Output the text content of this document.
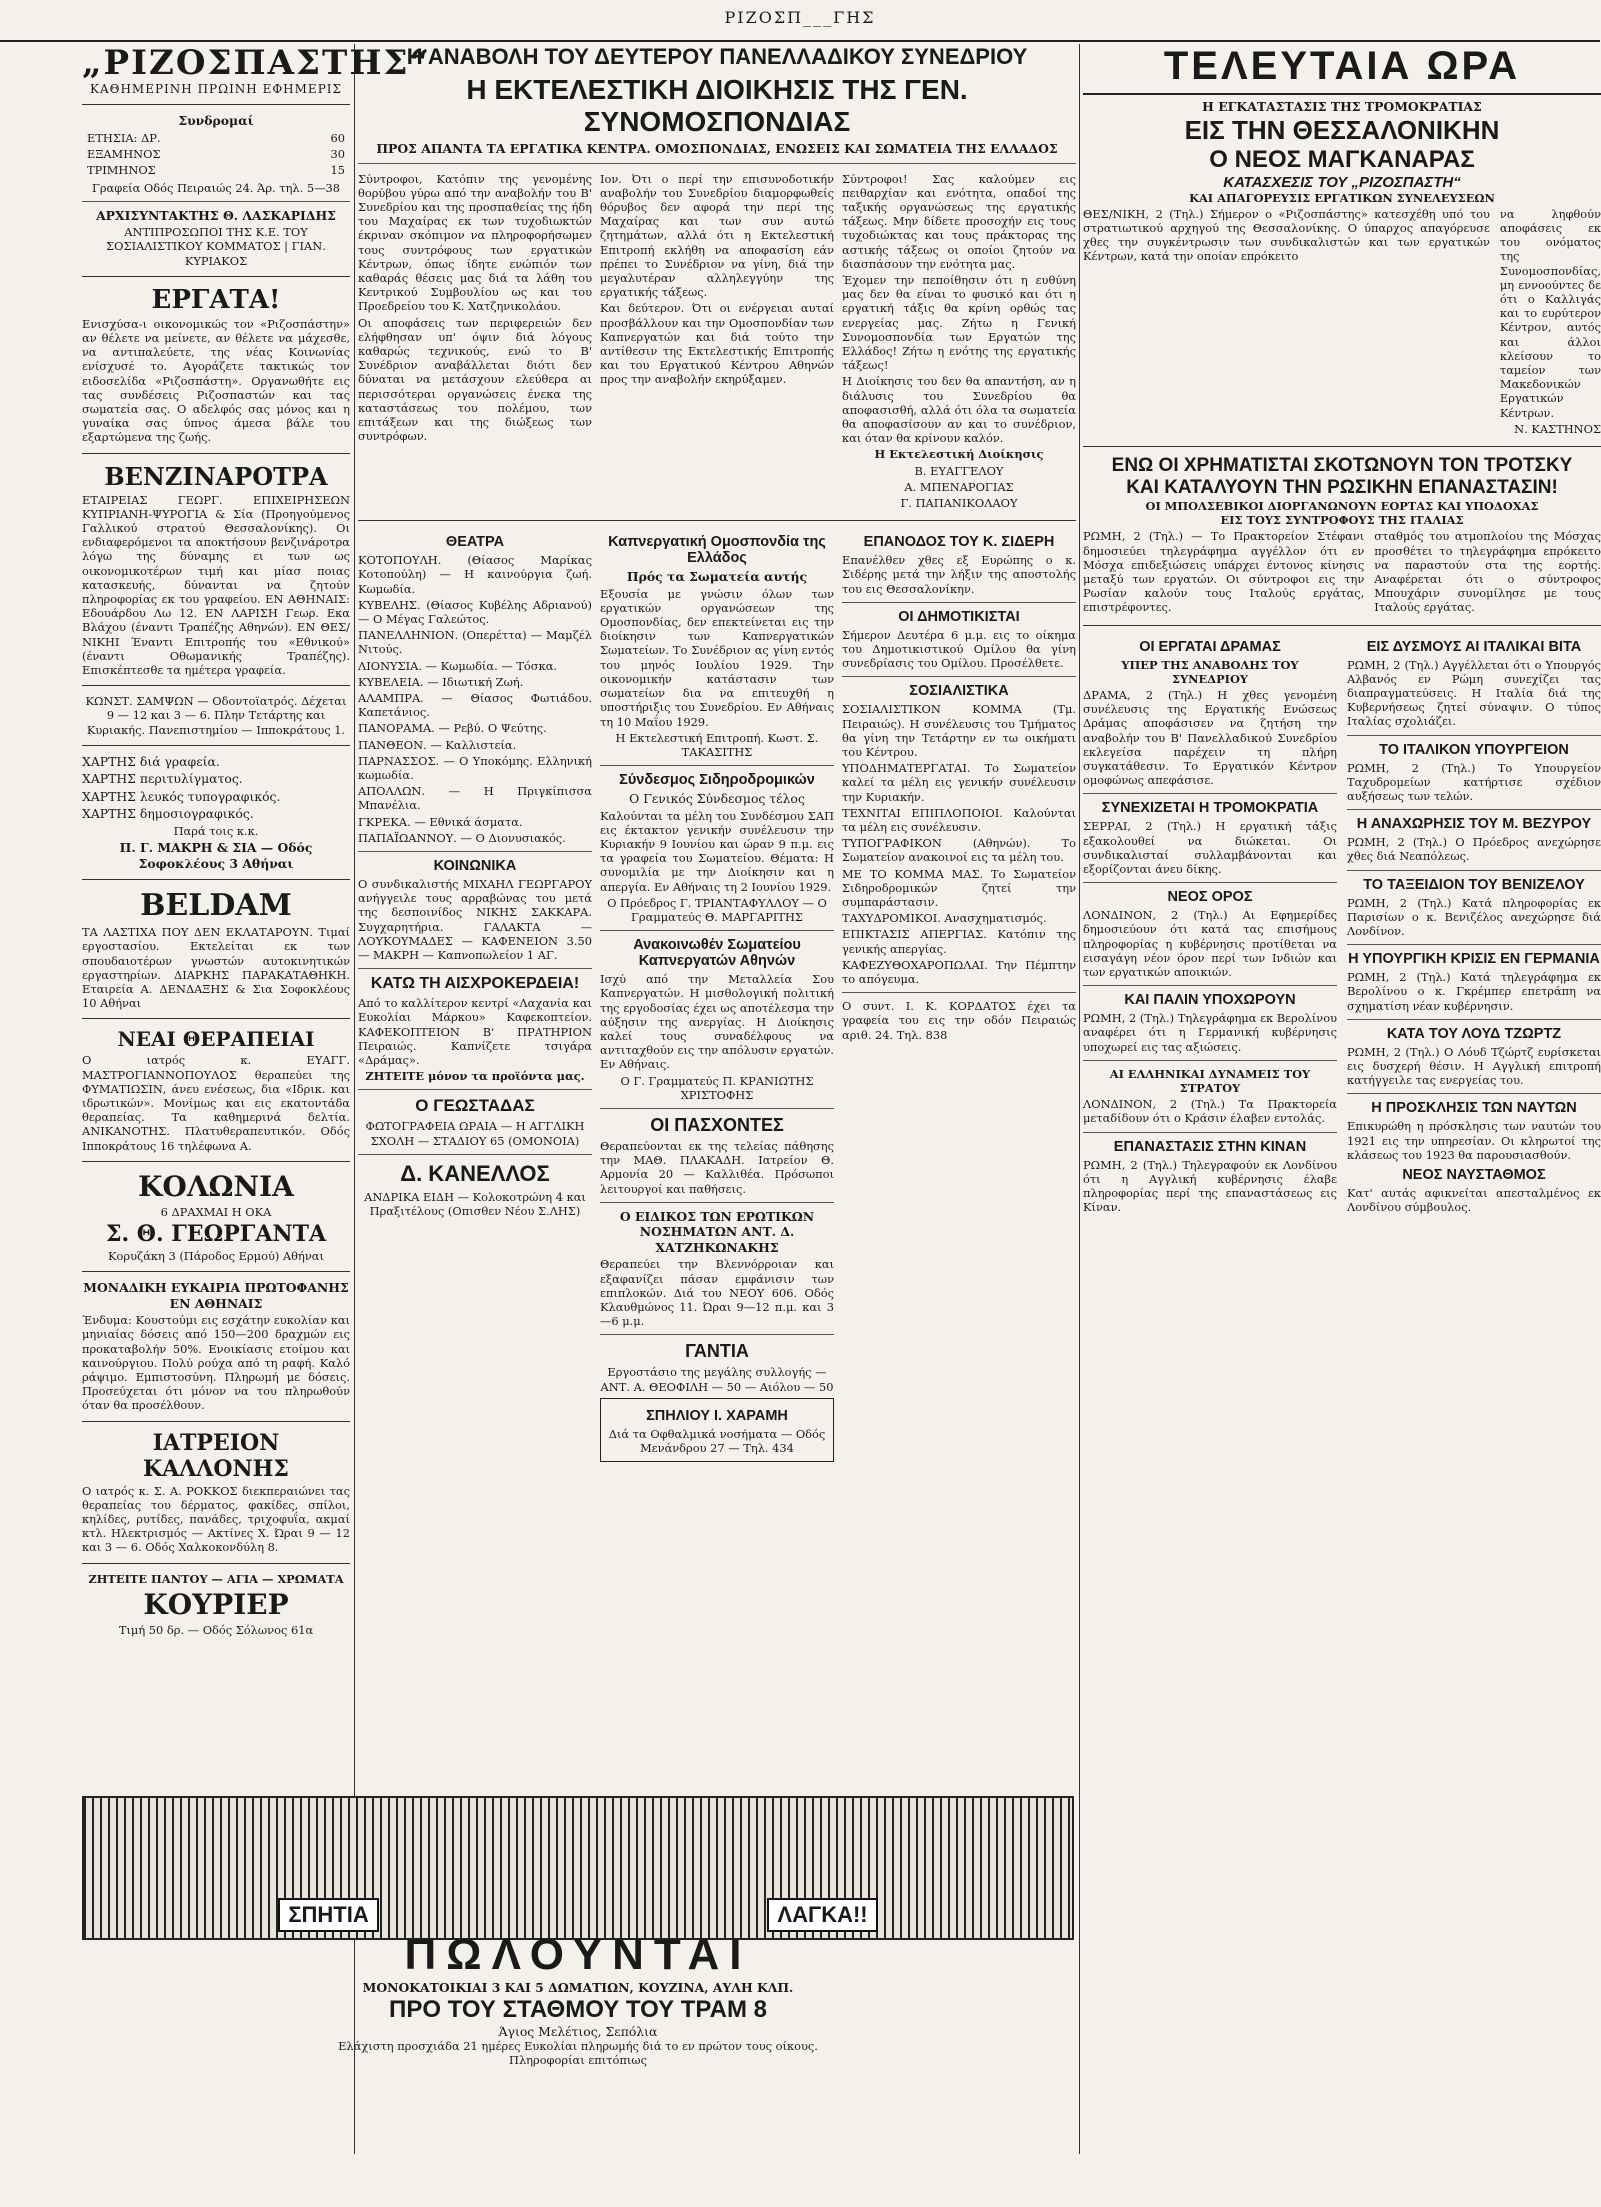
ΡΙΖΟΣΠ___ΓΗΣ
„ΡΙΖΟΣΠΑΣΤΗΣ“
ΚΑΘΗΜΕΡΙΝΗ ΠΡΩΙΝΗ ΕΦΗΜΕΡΙΣ
Συνδρομαί
ΕΤΗΣΙΑ: ΔΡ.	60
ΕΞΑΜΗΝΟΣ	30
ΤΡΙΜΗΝΟΣ	15

Γραφεία Οδός Πειραιώς 24. Άρ. τηλ. 5—38

ΑΡΧΙΣΥΝΤΑΚΤΗΣ Θ. ΛΑΣΚΑΡΙΔΗΣ

ΑΝΤΙΠΡΟΣΩΠΟΙ ΤΗΣ Κ.Ε. ΤΟΥ ΣΟΣΙΑΛΙΣΤΙΚΟΥ ΚΟΜΜΑΤΟΣ | ΓΙΑΝ. ΚΥΡΙΑΚΟΣ

ΕΡΓΑΤΑ!

Ενισχύσα-ι οικονομικώς τον «Ριζοσπάστην» αν θέλετε να μείνετε, αν θέλετε να μάχεσθε, να αντιπαλεύετε, της νέας Κοινωνίας ενίσχυσέ το. Αγοράζετε τακτικώς τον ειδοσελίδα «Ριζοσπάστη». Οργανωθήτε εις τας συνδέσεις Ριζοσπαστών και τας σωματεία σας. Ο αδελφός σας μόνος και η γυναίκα σας ύπνος άμεσα βάλε του εξαρτώμενα της ζωής.

ΒΕΝΖΙΝΑΡΟΤΡΑ

ΕΤΑΙΡΕΙΑΣ ΓΕΩΡΓ. ΕΠΙΧΕΙΡΗΣΕΩΝ ΚΥΠΡΙΑΝΗ-ΨΥΡΟΓΙΑ & Σία (Προηγούμενος Γαλλικού στρατού Θεσσαλονίκης). Οι ενδιαφερόμενοι τα αποκτήσουν βενζινάροτρα λόγω της δύναμης ει των ως οικονομικοτέρων τιμή και μίασ ποιας κατασκευής, δύνανται να ζητούν πληροφορίας εκ του γραφείου. ΕΝ ΑΘΗΝΑΙΣ: Εδουάρδου Λω 12. ΕΝ ΛΑΡΙΣΗ Γεωρ. Εκα Βλάχου (έναντι Τραπέζης Αθηνών). ΕΝ ΘΕΣ/ΝΙΚΗΙ Έναντι Επιτροπής του «Εθνικού» (έναντι Οθωμανικής Τραπέζης). Επισκέπτεσθε τα ημέτερα γραφεία.

ΚΩΝΣΤ. ΣΑΜΨΩΝ — Οδοντοϊατρός. Δέχεται 9 — 12 και 3 — 6. Πλην Τετάρτης και Κυριακής. Πανεπιστημίου — Ιπποκράτους 1.

ΧΑΡΤΗΣ διά γραφεία.

ΧΑΡΤΗΣ περιτυλίγματος.

ΧΑΡΤΗΣ λευκός τυπογραφικός.

ΧΑΡΤΗΣ δημοσιογραφικός.

Παρά τοις κ.κ.

Π. Γ. ΜΑΚΡΗ & ΣΙΑ — Οδός Σοφοκλέους 3 Αθήναι

BELDAM

ΤΑ ΛΑΣΤΙΧΑ ΠΟΥ ΔΕΝ ΕΚΛΑΤΑΡΟΥΝ. Τιμαί εργοστασίου. Εκτελείται εκ των σπουδαιοτέρων γνωστών αυτοκινητικών εργαστηρίων. ΔΙΑΡΚΗΣ ΠΑΡΑΚΑΤΑΘΗΚΗ. Εταιρεία Α. ΔΕΝΔΑΞΗΣ & Σια Σοφοκλέους 10 Αθήναι

ΝΕΑΙ ΘΕΡΑΠΕΙΑΙ

Ο ιατρός κ. ΕΥΑΓΓ. ΜΑΣΤΡΟΓΙΑΝΝΟΠΟΥΛΟΣ θεραπεύει της ΦΥΜΑΤΙΩΣΙΝ, άνευ ενέσεως, δια «Ιδρικ. και ιδρωτικών». Μονίμως και εις εκατοντάδα θεραπείας. Τα καθημερινά δελτία. ΑΝΙΚΑΝΟΤΗΣ. Πλατυθεραπευτικόν. Οδός Ιπποκράτους 16 τηλέφωνα Α.

ΚΟΛΩΝΙΑ

6 ΔΡΑΧΜΑΙ Η ΟΚΑ

Σ. Θ. ΓΕΩΡΓΑΝΤΑ

Κορυζάκη 3 (Πάροδος Ερμού) Αθήναι

ΜΟΝΑΔΙΚΗ ΕΥΚΑΙΡΙΑ ΠΡΩΤΟΦΑΝΗΣ ΕΝ ΑΘΗΝΑΙΣ

Ένδυμα: Κουστούμι εις εσχάτην ευκολίαν και μηνιαίας δόσεις από 150—200 δραχμών εις προκαταβολήν 50%. Ενοικίασις ετοίμου και καινούργιου. Πολύ ρούχα από τη ραφή. Καλό ράψιμο. Εμπιστοσύνη. Πληρωμή με δόσεις. Προσεύχεται ότι μόνον να του πληρωθούν όταν θα προσέλθουν.

ΙΑΤΡΕΙΟΝ ΚΑΛΛΟΝΗΣ

Ο ιατρός κ. Σ. Α. ΡΟΚΚΟΣ διεκπεραιώνει τας θεραπείας του δέρματος, φακίδες, σπίλοι, κηλίδες, ρυτίδες, πανάδες, τριχοφυΐα, ακμαί κτλ. Ηλεκτρισμός — Ακτίνες Χ. Ώραι 9 — 12 και 3 — 6. Οδός Χαλκοκονδύλη 8.

ΖΗΤΕΙΤΕ ΠΑΝΤΟΥ — ΑΓΙΑ — ΧΡΩΜΑΤΑ

ΚΟΥΡΙΕΡ

Τιμή 50 δρ. — Οδός Σόλωνος 61α

Η ΑΝΑΒΟΛΗ ΤΟΥ ΔΕΥΤΕΡΟΥ ΠΑΝΕΛΛΑΔΙΚΟΥ ΣΥΝΕΔΡΙΟΥ
Η ΕΚΤΕΛΕΣΤΙΚΗ ΔΙΟΙΚΗΣΙΣ ΤΗΣ ΓΕΝ. ΣΥΝΟΜΟΣΠΟΝΔΙΑΣ
ΠΡΟΣ ΑΠΑΝΤΑ ΤΑ ΕΡΓΑΤΙΚΑ ΚΕΝΤΡΑ. ΟΜΟΣΠΟΝΔΙΑΣ, ΕΝΩΣΕΙΣ ΚΑΙ ΣΩΜΑΤΕΙΑ ΤΗΣ ΕΛΛΑΔΟΣ

Σύντροφοι, Κατόπιν της γενομένης θορύβου γύρω από την αναβολήν του Β' Συνεδρίου και της προσπαθείας της ήδη του Μαχαίρας εκ των τυχοδιωκτών έκριναν σκόπιμον να πληροφορήσωμεν τους συντρόφους των εργατικών Κέντρων, όπως ίδητε ενώπιόν των καθαράς θέσεις μας διά τα λάθη του Κεντρικού Συμβουλίου ως και του Προεδρείου του Κ. Χατζηνικολάου.

Οι αποφάσεις των περιφερειών δεν ελήφθησαν υπ' όψιν διά λόγους καθαρώς τεχνικούς, ενώ το Β' Συνέδριον αναβάλλεται διότι δεν δύναται να μετάσχουν ελεύθερα αι περισσότεραι οργανώσεις ένεκα της καταστάσεως του πολέμου, των επιτάξεων και της διώξεως των συντρόφων.

Ιον. Ότι ο περί την επισυνοδοτικήν αναβολήν του Συνεδρίου διαμορφωθείς θόρυβος δεν αφορά την περί της Μαχαίρας και των συν αυτώ ζητημάτων, αλλά ότι η Εκτελεστική Επιτροπή εκλήθη να αποφασίση εάν πρέπει το Συνέδριον να γίνη, διά την μεγαλυτέραν αλληλεγγύην της εργατικής τάξεως.

Και δεύτερον. Ότι οι ενέργειαι αυταί προσβάλλουν και την Ομοσπονδίαν των Καπνεργατών και διά τούτο την αντίθεσιν της Εκτελεστικής Επιτροπής και του Εργατικού Κέντρου Αθηνών προς την αναβολήν εκηρύξαμεν.

Σύντροφοι! Σας καλούμεν εις πειθαρχίαν και ενότητα, οπαδοί της ταξικής οργανώσεως της εργατικής τάξεως. Μην δίδετε προσοχήν εις τους τυχοδιώκτας και τους πράκτορας της αστικής τάξεως οι οποίοι ζητούν να διασπάσουν την ενότητα μας.

Έχομεν την πεποίθησιν ότι η ευθύνη μας δεν θα είναι το φυσικό και ότι η εργατική τάξις θα κρίνη ορθώς τας ενεργείας μας. Ζήτω η Γενική Συνομοσπονδία των Εργατών της Ελλάδος! Ζήτω η ενότης της εργατικής τάξεως!

Η Διοίκησις του δεν θα απαντήση, αν η διάλυσις του Συνεδρίου θα αποφασισθή, αλλά ότι όλα τα σωματεία θα αποφασίσουν αν και το συνέδριον, και όταν θα κρίνουν καλόν.

Η Εκτελεστική Διοίκησις

Β. ΕΥΑΓΓΕΛΟΥ

Α. ΜΠΕΝΑΡΟΓΙΑΣ

Γ. ΠΑΠΑΝΙΚΟΛΑΟΥ

ΘΕΑΤΡΑ

ΚΟΤΟΠΟΥΛΗ. (Θίασος Μαρίκας Κοτοπούλη) — Η καινούργια ζωή. Κωμωδία.

ΚΥΒΕΛΗΣ. (Θίασος Κυβέλης Αδριανού) — Ο Μέγας Γαλεώτος.

ΠΑΝΕΛΛΗΝΙΟΝ. (Οπερέττα) — Μαμζέλ Νιτούς.

ΛΙΟΝΥΣΙΑ. — Κωμωδία. — Τόσκα.

ΚΥΒΕΛΕΙΑ. — Ιδιωτική Ζωή.

ΑΛΑΜΠΡΑ. — Θίασος Φωτιάδου. Καπετάνιος.

ΠΑΝΟΡΑΜΑ. — Ρεβύ. Ο Ψεύτης.

ΠΑΝΘΕΟΝ. — Καλλιστεία.

ΠΑΡΝΑΣΣΟΣ. — Ο Υποκόμης. Ελληνική κωμωδία.

ΑΠΟΛΛΩΝ. — Η Πριγκίπισσα Μπανέλια.

ΓΚΡΕΚΑ. — Εθνικά άσματα.

ΠΑΠΑΪΩΑΝΝΟΥ. — Ο Διονυσιακός.

ΚΟΙΝΩΝΙΚΑ

Ο συνδικαλιστής ΜΙΧΑΗΛ ΓΕΩΡΓΑΡΟΥ ανήγγειλε τους αρραβώνας του μετά της δεσποινίδος ΝΙΚΗΣ ΣΑΚΚΑΡΑ. Συγχαρητήρια. ΓΑΛΑΚΤΑ — ΛΟΥΚΟΥΜΑΔΕΣ — ΚΑΦΕΝΕΙΟΝ 3.50 — ΜΑΚΡΗ — Καπνοπωλείον 1 ΑΓ.

ΚΑΤΩ ΤΗ ΑΙΣΧΡΟΚΕΡΔΕΙΑ!

Από το καλλίτερον κεντρί «Λαχανία και Ευκολίαι Μάρκου» Καφεκοπτείον. ΚΑΦΕΚΟΠΤΕΙΟΝ Β' ΠΡΑΤΗΡΙΟΝ Πειραιώς. Καπνίζετε τσιγάρα «Δράμας».

ΖΗΤΕΙΤΕ μόνον τα προϊόντα μας.

Ο ΓΕΩΣΤΑΔΑΣ

ΦΩΤΟΓΡΑΦΕΙΑ ΩΡΑΙΑ — Η ΑΓΓΛΙΚΗ ΣΧΟΛΗ — ΣΤΑΔΙΟΥ 65 (ΟΜΟΝΟΙΑ)

Δ. ΚΑΝΕΛΛΟΣ

ΑΝΔΡΙΚΑ ΕΙΔΗ — Κολοκοτρώνη 4 και Πραξιτέλους (Οπισθεν Νέου Σ.ΛΗΣ)

Καπνεργατική Ομοσπονδία της Ελλάδος

Πρός τα Σωματεία αυτής

Εξουσία με γνώσιν όλων των εργατικών οργανώσεων της Ομοσπονδίας, δεν επεκτείνεται εις την διοίκησιν των Καπνεργατικών Σωματείων. Το Συνέδριον ας γίνη εντός του μηνός Ιουλίου 1929. Την οικονομικήν κατάστασιν των σωματείων δια να επιτευχθή η υποστήριξις του Συνεδρίου. Εν Αθήναις τη 10 Μαΐου 1929.

Η Εκτελεστική Επιτροπή. Κωστ. Σ. ΤΑΚΑΣΙΤΗΣ

Σύνδεσμος Σιδηροδρομικών

Ο Γενικός Σύνδεσμος τέλος

Καλούνται τα μέλη του Συνδέσμου ΣΑΠ εις έκτακτον γενικήν συνέλευσιν την Κυριακήν 9 Ιουνίου και ώραν 9 π.μ. εις τα γραφεία του Σωματείου. Θέματα: Η συνομιλία με την Διοίκησιν και η απεργία. Εν Αθήναις τη 2 Ιουνίου 1929.

Ο Πρόεδρος Γ. ΤΡΙΑΝΤΑΦΥΛΛΟΥ — Ο Γραμματεύς Θ. ΜΑΡΓΑΡΙΤΗΣ

Ανακοινωθέν Σωματείου Καπνεργατών Αθηνών

Ισχύ από την Μεταλλεία Σου Καπνεργατών. Η μισθολογική πολιτική της εργοδοσίας έχει ως αποτέλεσμα την αύξησιν της ανεργίας. Η Διοίκησις καλεί τους συναδέλφους να αντιταχθούν εις την απόλυσιν εργατών. Εν Αθήναις.

Ο Γ. Γραμματεύς Π. ΚΡΑΝΙΩΤΗΣ ΧΡΙΣΤΟΦΗΣ

ΟΙ ΠΑΣΧΟΝΤΕΣ

Θεραπεύονται εκ της τελείας πάθησης την ΜΑΘ. ΠΛΑΚΑΔΗ. Ιατρείον Θ. Αρμονία 20 — Καλλιθέα. Πρόσωποι λειτουργοί και παθήσεις.

Ο ΕΙΔΙΚΟΣ ΤΩΝ ΕΡΩΤΙΚΩΝ ΝΟΣΗΜΑΤΩΝ ΑΝΤ. Δ. ΧΑΤΖΗΚΩΝΑΚΗΣ

Θεραπεύει την Βλεννόρροιαν και εξαφανίζει πάσαν εμφάνισιν των επιπλοκών. Διά του ΝΕΟΥ 606. Οδός Κλαυθμώνος 11. Ώραι 9—12 π.μ. και 3—6 μ.μ.

ΓΑΝΤΙΑ

Εργοστάσιο της μεγάλης συλλογής — ΑΝΤ. Α. ΘΕΟΦΙΛΗ — 50 — Αιόλου — 50

ΣΠΗΛΙΟΥ Ι. ΧΑΡΑΜΗ

Διά τα Οφθαλμικά νοσήματα — Οδός Μενάνδρου 27 — Τηλ. 434

ΕΠΑΝΟΔΟΣ ΤΟΥ Κ. ΣΙΔΕΡΗ

Επανέλθεν χθες εξ Ευρώπης ο κ. Σιδέρης μετά την λήξιν της αποστολής του εις Θεσσαλονίκην.

ΟΙ ΔΗΜΟΤΙΚΙΣΤΑΙ

Σήμερον Δευτέρα 6 μ.μ. εις το οίκημα του Δημοτικιστικού Ομίλου θα γίνη συνεδρίασις του Ομίλου. Προσέλθετε.

ΣΟΣΙΑΛΙΣΤΙΚΑ

ΣΟΣΙΑΛΙΣΤΙΚΟΝ ΚΟΜΜΑ (Τμ. Πειραιώς). Η συνέλευσις του Τμήματος θα γίνη την Τετάρτην εν τω οικήματι του Κέντρου.

ΥΠΟΔΗΜΑΤΕΡΓΑΤΑΙ. Το Σωματείον καλεί τα μέλη εις γενικήν συνέλευσιν την Κυριακήν.

ΤΕΧΝΙΤΑΙ ΕΠΙΠΛΟΠΟΙΟΙ. Καλούνται τα μέλη εις συνέλευσιν.

ΤΥΠΟΓΡΑΦΙΚΟΝ (Αθηνών). Το Σωματείον ανακοινοί εις τα μέλη του.

ΜΕ ΤΟ ΚΟΜΜΑ ΜΑΣ. Το Σωματείον Σιδηροδρομικών ζητεί την συμπαράστασιν.

ΤΑΧΥΔΡΟΜΙΚΟΙ. Ανασχηματισμός.

ΕΠΙΚΤΑΣΙΣ ΑΠΕΡΓΙΑΣ. Κατόπιν της γενικής απεργίας.

ΚΑΦΕΖΥΘΟΧΑΡΟΠΩΛΑΙ. Την Πέμπτην το απόγευμα.

Ο συντ. Ι. Κ. ΚΟΡΔΑΤΟΣ έχει τα γραφεία του εις την οδόν Πειραιώς αριθ. 24. Τηλ. 838

ΤΕΛΕΥΤΑΙΑ ΩΡΑ
Η ΕΓΚΑΤΑΣΤΑΣΙΣ ΤΗΣ ΤΡΟΜΟΚΡΑΤΙΑΣ
ΕΙΣ ΤΗΝ ΘΕΣΣΑΛΟΝΙΚΗΝ
Ο ΝΕΟΣ ΜΑΓΚΑΝΑΡΑΣ
ΚΑΤΑΣΧΕΣΙΣ ΤΟΥ „ΡΙΖΟΣΠΑΣΤΗ“
ΚΑΙ ΑΠΑΓΟΡΕΥΣΙΣ ΕΡΓΑΤΙΚΩΝ ΣΥΝΕΛΕΥΣΕΩΝ

ΘΕΣ/ΝΙΚΗ, 2 (Τηλ.) Σήμερον ο «Ριζοσπάστης» κατεσχέθη υπό του στρατιωτικού αρχηγού της Θεσσαλονίκης. Ο ύπαρχος απαγόρευσε χθες την συγκέντρωσιν των συνδικαλιστών και των εργατικών Κέντρων, κατά την οποίαν επρόκειτο

να ληφθούν αποφάσεις εκ του ονόματος της Συνομοσπονδίας, μη εννοούντες δε ότι ο Καλλιγάς και το ευρύτερον Κέντρον, αυτός και άλλοι κλείσουν το ταμείον των Μακεδονικών Εργατικών Κέντρων.

Ν. ΚΑΣΤΗΝΟΣ

ΕΝΩ ΟΙ ΧΡΗΜΑΤΙΣΤΑΙ ΣΚΟΤΩΝΟΥΝ ΤΟΝ ΤΡΟΤΣΚΥ
ΚΑΙ ΚΑΤΑΛΥΟΥΝ ΤΗΝ ΡΩΣΙΚΗΝ ΕΠΑΝΑΣΤΑΣΙΝ!
ΟΙ ΜΠΟΛΣΕΒΙΚΟΙ ΔΙΟΡΓΑΝΩΝΟΥΝ ΕΟΡΤΑΣ ΚΑΙ ΥΠΟΔΟΧΑΣ
ΕΙΣ ΤΟΥΣ ΣΥΝΤΡΟΦΟΥΣ ΤΗΣ ΙΤΑΛΙΑΣ

ΡΩΜΗ, 2 (Τηλ.) — Το Πρακτορείον Στέφανι δημοσιεύει τηλεγράφημα αγγέλλον ότι εν Μόσχα επιδεξιώσεις υπάρχει έντονος κίνησις μεταξύ των εργατών. Οι σύντροφοι εις την Ρωσίαν καλούν τους Ιταλούς εργάτας, επιστρέφοντες.

σταθμός του ατμοπλοίου της Μόσχας προσθέτει το τηλεγράφημα επρόκειτο να παραστούν στα της εορτής. Αναφέρεται ότι ο σύντροφος Μπουχάριν συνομίλησε με τους Ιταλούς εργάτας.

ΟΙ ΕΡΓΑΤΑΙ ΔΡΑΜΑΣ
ΥΠΕΡ ΤΗΣ ΑΝΑΒΟΛΗΣ ΤΟΥ ΣΥΝΕΔΡΙΟΥ

ΔΡΑΜΑ, 2 (Τηλ.) Η χθες γενομένη συνέλευσις της Εργατικής Ενώσεως Δράμας αποφάσισεν να ζητήση την αναβολήν του Β' Πανελλαδικού Συνεδρίου εκλεγείσα παρέχειν τη πλήρη συγκατάθεσιν. Το Εργατικόν Κέντρον ομοφώνως απεφάσισε.

ΣΥΝΕΧΙΖΕΤΑΙ Η ΤΡΟΜΟΚΡΑΤΙΑ

ΣΕΡΡΑΙ, 2 (Τηλ.) Η εργατική τάξις εξακολουθεί να διώκεται. Οι συνδικαλισταί συλλαμβάνονται και εξορίζονται άνευ δίκης.

ΝΕΟΣ ΟΡΟΣ

ΛΟΝΔΙΝΟΝ, 2 (Τηλ.) Αι Εφημερίδες δημοσιεύουν ότι κατά τας επισήμους πληροφορίας η κυβέρνησις προτίθεται να εισαγάγη νέον όρον περί των Ινδιών και των εργατικών αποικιών.

ΚΑΙ ΠΑΛΙΝ ΥΠΟΧΩΡΟΥΝ

ΡΩΜΗ, 2 (Τηλ.) Τηλεγράφημα εκ Βερολίνου αναφέρει ότι η Γερμανική κυβέρνησις υποχωρεί εις τας αξιώσεις.

ΑΙ ΕΛΛΗΝΙΚΑΙ ΔΥΝΑΜΕΙΣ ΤΟΥ ΣΤΡΑΤΟΥ

ΛΟΝΔΙΝΟΝ, 2 (Τηλ.) Τα Πρακτορεία μεταδίδουν ότι ο Κράσιν έλαβεν εντολάς.

ΕΠΑΝΑΣΤΑΣΙΣ ΣΤΗΝ ΚΙΝΑΝ

ΡΩΜΗ, 2 (Τηλ.) Τηλεγραφούν εκ Λονδίνου ότι η Αγγλική κυβέρνησις έλαβε πληροφορίας περί της επαναστάσεως εις Κίναν.

ΕΙΣ ΔΥΣΜΟΥΣ ΑΙ ΙΤΑΛΙΚΑΙ ΒΙΤΑ

ΡΩΜΗ, 2 (Τηλ.) Αγγέλλεται ότι ο Υπουργός Αλβανός εν Ρώμη συνεχίζει τας διαπραγματεύσεις. Η Ιταλία διά της Κυβερνήσεως ζητεί σύναψιν. Ο τύπος Ιταλίας σχολιάζει.

ΤΟ ΙΤΑΛΙΚΟΝ ΥΠΟΥΡΓΕΙΟΝ

ΡΩΜΗ, 2 (Τηλ.) Το Υπουργείον Ταχυδρομείων κατήρτισε σχέδιον αυξήσεως των τελών.

Η ΑΝΑΧΩΡΗΣΙΣ ΤΟΥ Μ. ΒΕΖΥΡΟΥ

ΡΩΜΗ, 2 (Τηλ.) Ο Πρόεδρος ανεχώρησε χθες διά Νεαπόλεως.

ΤΟ ΤΑΞΕΙΔΙΟΝ ΤΟΥ ΒΕΝΙΖΕΛΟΥ

ΡΩΜΗ, 2 (Τηλ.) Κατά πληροφορίας εκ Παρισίων ο κ. Βενιζέλος ανεχώρησε διά Λονδίνον.

Η ΥΠΟΥΡΓΙΚΗ ΚΡΙΣΙΣ ΕΝ ΓΕΡΜΑΝΙΑ

ΡΩΜΗ, 2 (Τηλ.) Κατά τηλεγράφημα εκ Βερολίνου ο κ. Γκρέμπερ επετράπη να σχηματίση νέαν κυβέρνησιν.

ΚΑΤΑ ΤΟΥ ΛΟΥΔ ΤΖΩΡΤΖ

ΡΩΜΗ, 2 (Τηλ.) Ο Λόυδ Τζώρτζ ευρίσκεται εις δυσχερή θέσιν. Η Αγγλική επιτροπή κατήγγειλε τας ενεργείας του.

Η ΠΡΟΣΚΛΗΣΙΣ ΤΩΝ ΝΑΥΤΩΝ

Επικυρώθη η πρόσκλησις των ναυτών του 1921 εις την υπηρεσίαν. Οι κληρωτοί της κλάσεως του 1923 θα παρουσιασθούν.

ΝΕΟΣ ΝΑΥΣΤΑΘΜΟΣ

Κατ' αυτάς αφικνείται απεσταλμένος εκ Λονδίνου σύμβουλος.

ΣΠΗΤΙΑ	ΛΑΓΚΑ!!
ΠΩΛΟΥΝΤΑΙ
ΜΟΝΟΚΑΤΟΙΚΙΑΙ 3 ΚΑΙ 5 ΔΩΜΑΤΙΩΝ, ΚΟΥΖΙΝΑ, ΑΥΛΗ ΚΛΠ.
ΠΡΟ ΤΟΥ ΣΤΑΘΜΟΥ ΤΟΥ ΤΡΑΜ 8
Άγιος Μελέτιος, Σεπόλια
Ελάχιστη προσχιάδα 21 ημέρες Ευκολίαι πληρωμής διά το εν πρώτον τους οίκους.
Πληροφορίαι επιτόπιως
